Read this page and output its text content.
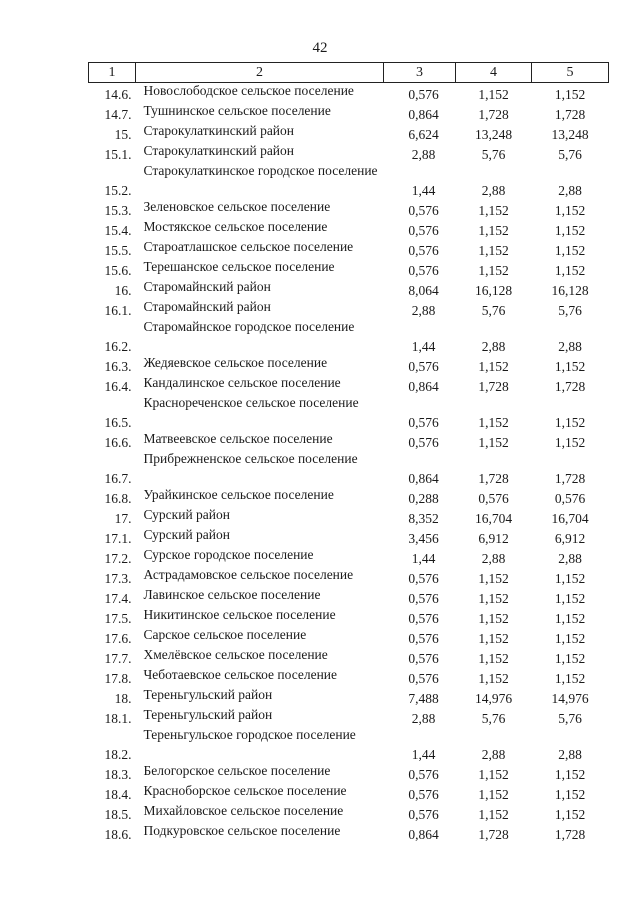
42
1	2	3	4	5
14.6.	Новослободское сельское поселение	0,576	1,152	1,152
14.7.	Тушнинское сельское поселение	0,864	1,728	1,728
15.	Старокулаткинский район	6,624	13,248	13,248
15.1.	Старокулаткинский район	2,88	5,76	5,76
15.2.	Старокулаткинское городское поселение	1,44	2,88	2,88
15.3.	Зеленовское сельское поселение	0,576	1,152	1,152
15.4.	Мостякское сельское поселение	0,576	1,152	1,152
15.5.	Староатлашское сельское поселение	0,576	1,152	1,152
15.6.	Терешанское сельское поселение	0,576	1,152	1,152
16.	Старомайнский район	8,064	16,128	16,128
16.1.	Старомайнский район	2,88	5,76	5,76
16.2.	Старомайнское городское поселение	1,44	2,88	2,88
16.3.	Жедяевское сельское поселение	0,576	1,152	1,152
16.4.	Кандалинское сельское поселение	0,864	1,728	1,728
16.5.	Краснореченское сельское поселение	0,576	1,152	1,152
16.6.	Матвеевское сельское поселение	0,576	1,152	1,152
16.7.	Прибрежненское сельское поселение	0,864	1,728	1,728
16.8.	Урайкинское сельское поселение	0,288	0,576	0,576
17.	Сурский район	8,352	16,704	16,704
17.1.	Сурский район	3,456	6,912	6,912
17.2.	Сурское городское поселение	1,44	2,88	2,88
17.3.	Астрадамовское сельское поселение	0,576	1,152	1,152
17.4.	Лавинское сельское поселение	0,576	1,152	1,152
17.5.	Никитинское сельское поселение	0,576	1,152	1,152
17.6.	Сарское сельское поселение	0,576	1,152	1,152
17.7.	Хмелёвское сельское поселение	0,576	1,152	1,152
17.8.	Чеботаевское сельское поселение	0,576	1,152	1,152
18.	Тереньгульский район	7,488	14,976	14,976
18.1.	Тереньгульский район	2,88	5,76	5,76
18.2.	Тереньгульское городское поселение	1,44	2,88	2,88
18.3.	Белогорское сельское поселение	0,576	1,152	1,152
18.4.	Красноборское сельское поселение	0,576	1,152	1,152
18.5.	Михайловское сельское поселение	0,576	1,152	1,152
18.6.	Подкуровское сельское поселение	0,864	1,728	1,728
